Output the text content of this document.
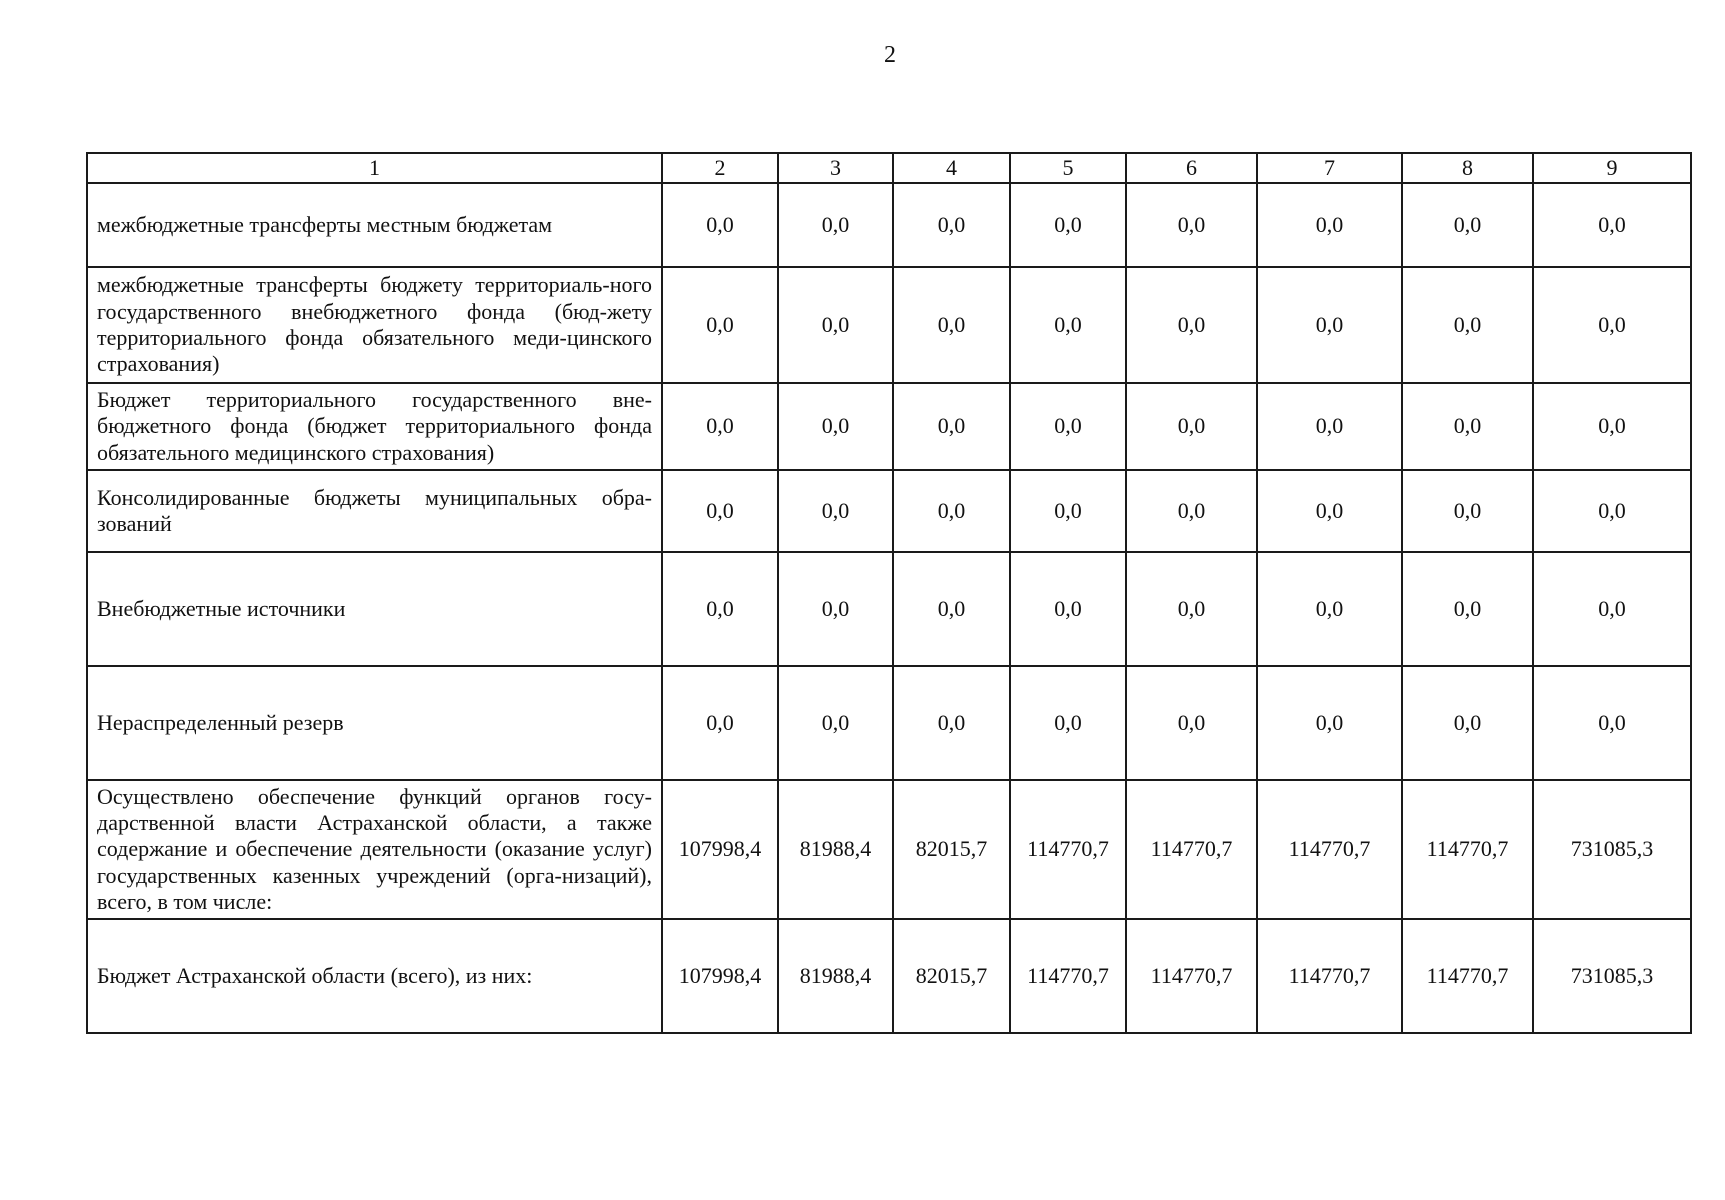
2
1	2	3	4	5	6	7	8	9
межбюджетные трансферты местным бюджетам	0,0	0,0	0,0	0,0	0,0	0,0	0,0	0,0
межбюджетные трансферты бюджету территориаль-ного государственного внебюджетного фонда (бюд-жету территориального фонда обязательного меди-цинского страхования)	0,0	0,0	0,0	0,0	0,0	0,0	0,0	0,0
Бюджет территориального государственного вне-бюджетного фонда (бюджет территориального фонда обязательного медицинского страхования)	0,0	0,0	0,0	0,0	0,0	0,0	0,0	0,0
Консолидированные бюджеты муниципальных обра-зований	0,0	0,0	0,0	0,0	0,0	0,0	0,0	0,0
Внебюджетные источники	0,0	0,0	0,0	0,0	0,0	0,0	0,0	0,0
Нераспределенный резерв	0,0	0,0	0,0	0,0	0,0	0,0	0,0	0,0
Осуществлено обеспечение функций органов госу-дарственной власти Астраханской области, а также содержание и обеспечение деятельности (оказание услуг) государственных казенных учреждений (орга-низаций), всего, в том числе:	107998,4	81988,4	82015,7	114770,7	114770,7	114770,7	114770,7	731085,3
Бюджет Астраханской области (всего), из них:	107998,4	81988,4	82015,7	114770,7	114770,7	114770,7	114770,7	731085,3
